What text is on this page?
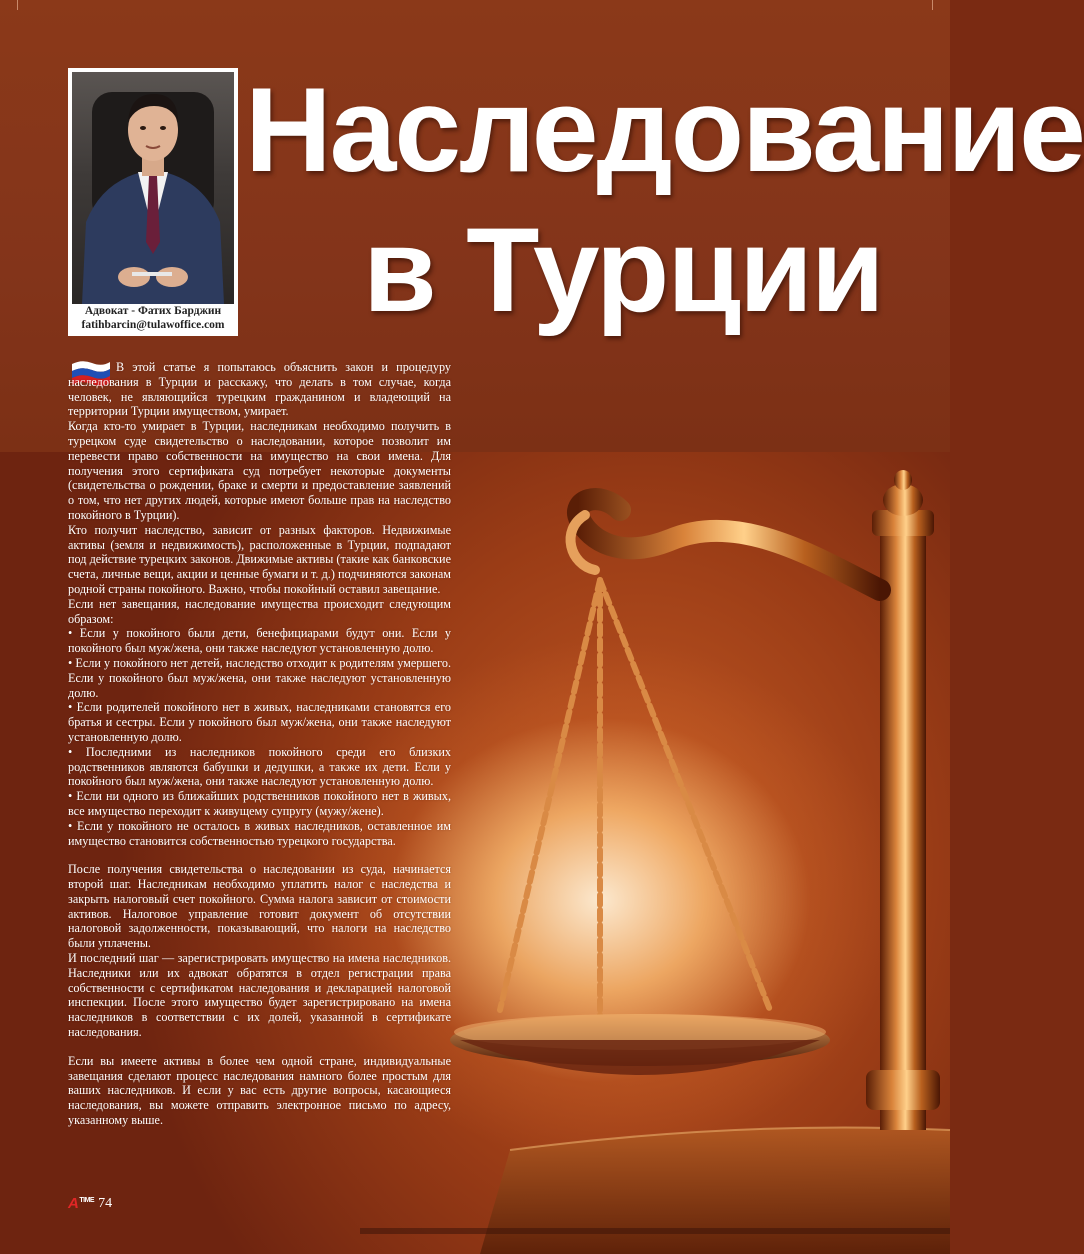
Адвокат - Фатих Барджин
fatihbarcin@tulawoffice.com
Наследование
в Турции

В этой статье я попытаюсь объяснить закон и процедуру наследования в Турции и расскажу, что делать в том случае, когда человек, не являющийся турецким гражданином и владеющий на территории Турции имуществом, умирает.

Когда кто-то умирает в Турции, наследникам необходимо получить в турецком суде свидетельство о наследовании, которое позволит им перевести право собственности на имущество на свои имена. Для получения этого сертификата суд потребует некоторые документы (свидетельства о рождении, браке и смерти и предоставление заявлений о том, что нет других людей, которые имеют больше прав на наследство покойного в Турции).

Кто получит наследство, зависит от разных факторов. Недвижимые активы (земля и недвижимость), расположенные в Турции, подпадают под действие турецких законов. Движимые активы (такие как банковские счета, личные вещи, акции и ценные бумаги и т. д.) подчиняются законам родной страны покойного. Важно, чтобы покойный оставил завещание.

Если нет завещания, наследование имущества происходит следующим образом:

• Если у покойного были дети, бенефициарами будут они. Если у покойного был муж/жена, они также наследуют установленную долю.

• Если у покойного нет детей, наследство отходит к родителям умершего. Если у покойного был муж/жена, они также наследуют установленную долю.

• Если родителей покойного нет в живых, наследниками становятся его братья и сестры. Если у покойного был муж/жена, они также наследуют установленную долю.

• Последними из наследников покойного среди его близких родственников являются бабушки и дедушки, а также их дети. Если у покойного был муж/жена, они также наследуют установленную долю.

• Если ни одного из ближайших родственников покойного нет в живых, все имущество переходит к живущему супругу (мужу/жене).

• Если у покойного не осталось в живых наследников, оставленное им имущество становится собственностью турецкого государства.

После получения свидетельства о наследовании из суда, начинается второй шаг. Наследникам необходимо уплатить налог с наследства и закрыть налоговый счет покойного. Сумма налога зависит от стоимости активов. Налоговое управление готовит документ об отсутствии налоговой задолженности, показывающий, что налоги на наследство были уплачены.

И последний шаг — зарегистрировать имущество на имена наследников. Наследники или их адвокат обратятся в отдел регистрации права собственности с сертификатом наследования и декларацией налоговой инспекции. После этого имущество будет зарегистрировано на имена наследников в соответствии с их долей, указанной в сертификате наследования.

Если вы имеете активы в более чем одной стране, индивидуальные завещания сделают процесс наследования намного более простым для ваших наследников. И если у вас есть другие вопросы, касающиеся наследования, вы можете отправить электронное письмо по адресу, указанному выше.

$A^{TIME}$ 74
